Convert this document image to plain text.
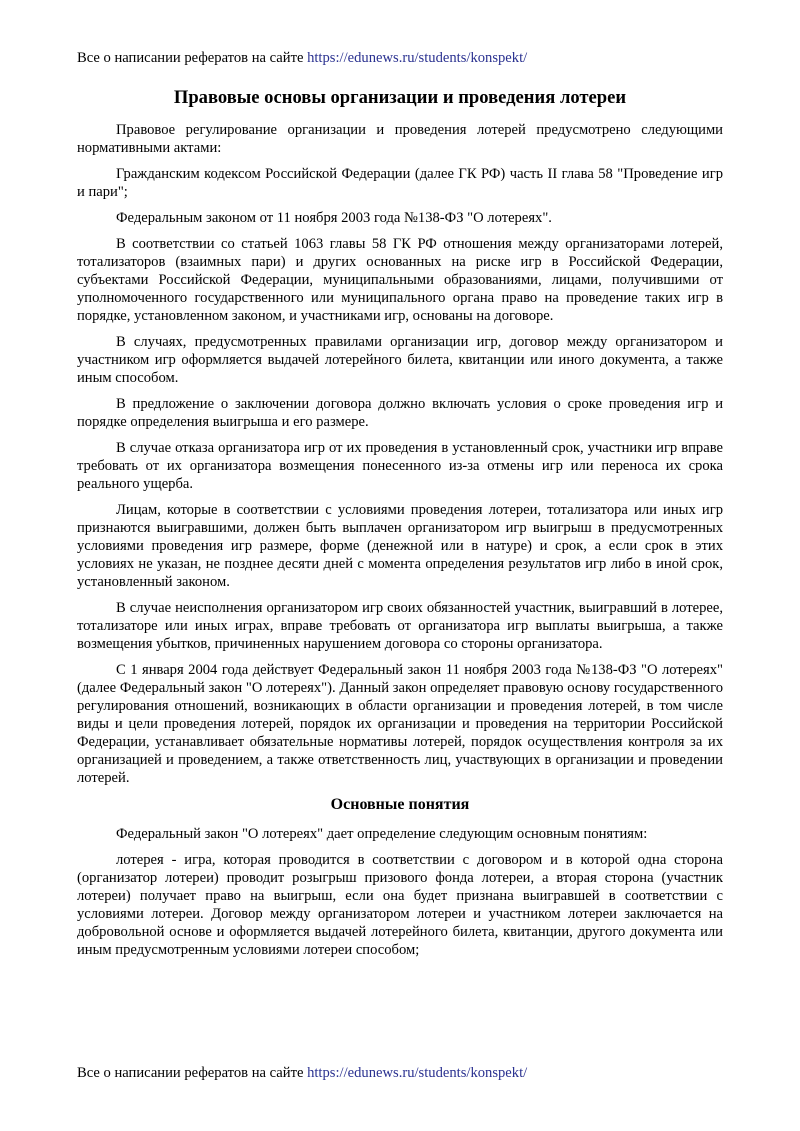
Все о написании рефератов на сайте https://edunews.ru/students/konspekt/
Правовые основы организации и проведения лотереи

Правовое регулирование организации и проведения лотерей предусмотрено следующими нормативными актами:

Гражданским кодексом Российской Федерации (далее ГК РФ) часть II глава 58 "Проведение игр и пари";

Федеральным законом от 11 ноября 2003 года №138-ФЗ "О лотереях".

В соответствии со статьей 1063 главы 58 ГК РФ отношения между организаторами лотерей, тотализаторов (взаимных пари) и других основанных на риске игр в Российской Федерации, субъектами Российской Федерации, муниципальными образованиями, лицами, получившими от уполномоченного государственного или муниципального органа право на проведение таких игр в порядке, установленном законом, и участниками игр, основаны на договоре.

В случаях, предусмотренных правилами организации игр, договор между организатором и участником игр оформляется выдачей лотерейного билета, квитанции или иного документа, а также иным способом.

В предложение о заключении договора должно включать условия о сроке проведения игр и порядке определения выигрыша и его размере.

В случае отказа организатора игр от их проведения в установленный срок, участники игр вправе требовать от их организатора возмещения понесенного из-за отмены игр или переноса их срока реального ущерба.

Лицам, которые в соответствии с условиями проведения лотереи, тотализатора или иных игр признаются выигравшими, должен быть выплачен организатором игр выигрыш в предусмотренных условиями проведения игр размере, форме (денежной или в натуре) и срок, а если срок в этих условиях не указан, не позднее десяти дней с момента определения результатов игр либо в иной срок, установленный законом.

В случае неисполнения организатором игр своих обязанностей участник, выигравший в лотерее, тотализаторе или иных играх, вправе требовать от организатора игр выплаты выигрыша, а также возмещения убытков, причиненных нарушением договора со стороны организатора.

С 1 января 2004 года действует Федеральный закон 11 ноября 2003 года №138-ФЗ "О лотереях" (далее Федеральный закон "О лотереях"). Данный закон определяет правовую основу государственного регулирования отношений, возникающих в области организации и проведения лотерей, в том числе виды и цели проведения лотерей, порядок их организации и проведения на территории Российской Федерации, устанавливает обязательные нормативы лотерей, порядок осуществления контроля за их организацией и проведением, а также ответственность лиц, участвующих в организации и проведении лотерей.

Основные понятия

Федеральный закон "О лотереях" дает определение следующим основным понятиям:

лотерея - игра, которая проводится в соответствии с договором и в которой одна сторона (организатор лотереи) проводит розыгрыш призового фонда лотереи, а вторая сторона (участник лотереи) получает право на выигрыш, если она будет признана выигравшей в соответствии с условиями лотереи. Договор между организатором лотереи и участником лотереи заключается на добровольной основе и оформляется выдачей лотерейного билета, квитанции, другого документа или иным предусмотренным условиями лотереи способом;

Все о написании рефератов на сайте https://edunews.ru/students/konspekt/
